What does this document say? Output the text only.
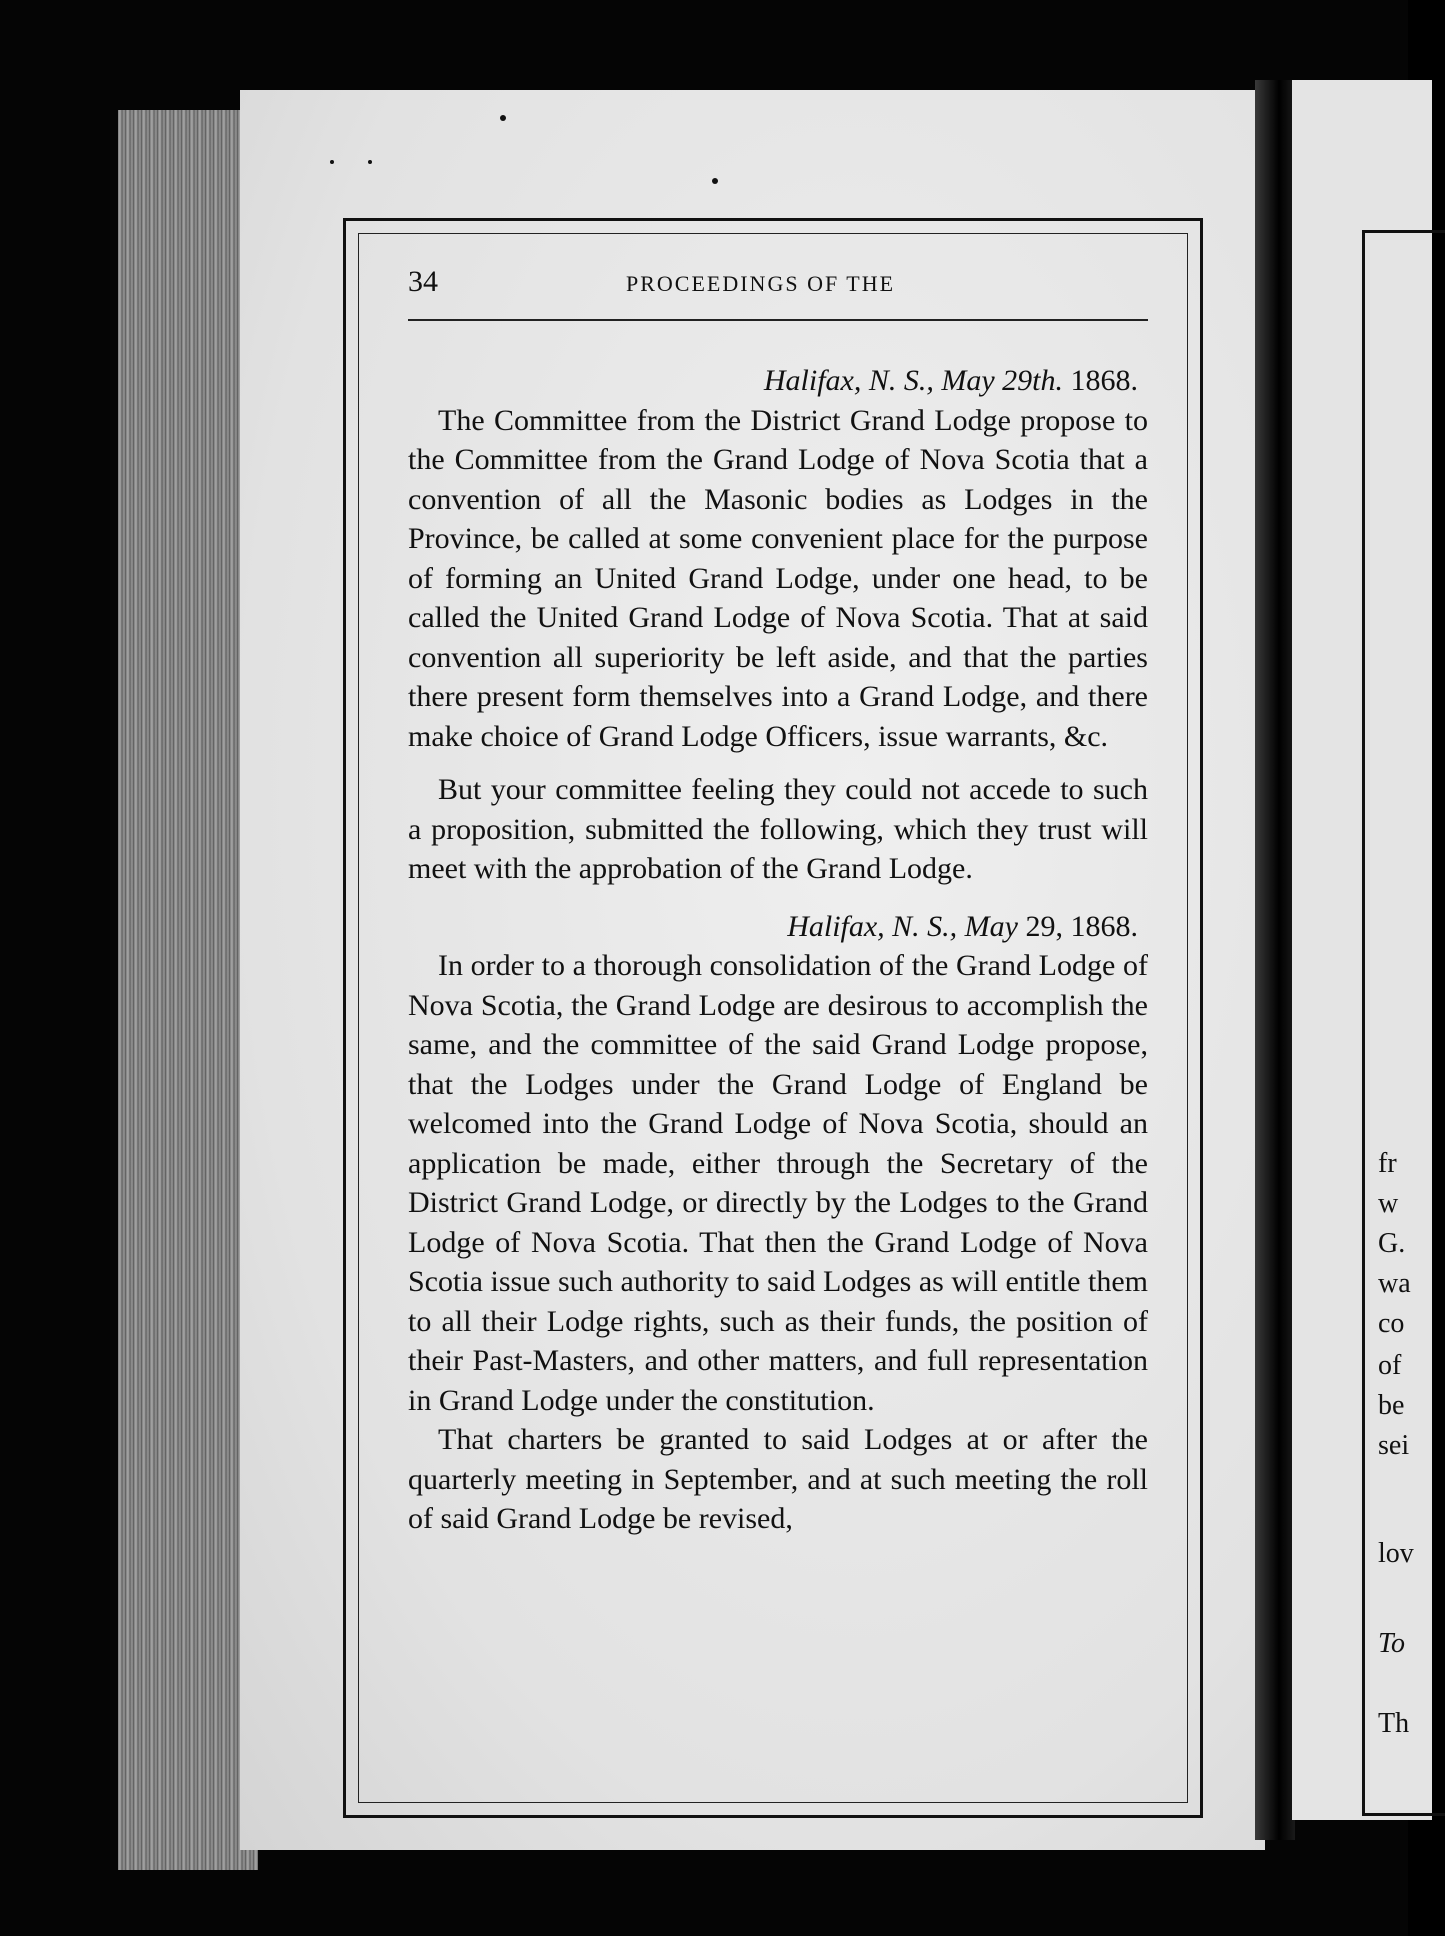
34	PROCEEDINGS OF THE
Halifax, N. S., May 29th. 1868.

The Committee from the District Grand Lodge propose to the Committee from the Grand Lodge of Nova Scotia that a convention of all the Masonic bodies as Lodges in the Province, be called at some convenient place for the purpose of forming an United Grand Lodge, under one head, to be called the United Grand Lodge of Nova Scotia. That at said convention all superiority be left aside, and that the parties there present form themselves into a Grand Lodge, and there make choice of Grand Lodge Officers, issue warrants, &c.

But your committee feeling they could not accede to such a proposition, submitted the following, which they trust will meet with the approbation of the Grand Lodge.

Halifax, N. S., May 29, 1868.

In order to a thorough consolidation of the Grand Lodge of Nova Scotia, the Grand Lodge are desirous to accomplish the same, and the committee of the said Grand Lodge propose, that the Lodges under the Grand Lodge of England be welcomed into the Grand Lodge of Nova Scotia, should an application be made, either through the Secretary of the District Grand Lodge, or directly by the Lodges to the Grand Lodge of Nova Scotia. That then the Grand Lodge of Nova Scotia issue such authority to said Lodges as will entitle them to all their Lodge rights, such as their funds, the position of their Past-Masters, and other matters, and full representation in Grand Lodge under the constitution.

That charters be granted to said Lodges at or after the quarterly meeting in September, and at such meeting the roll of said Grand Lodge be revised,

fr
w
G.
wa
co
of
be
sei
lov
To
Th
